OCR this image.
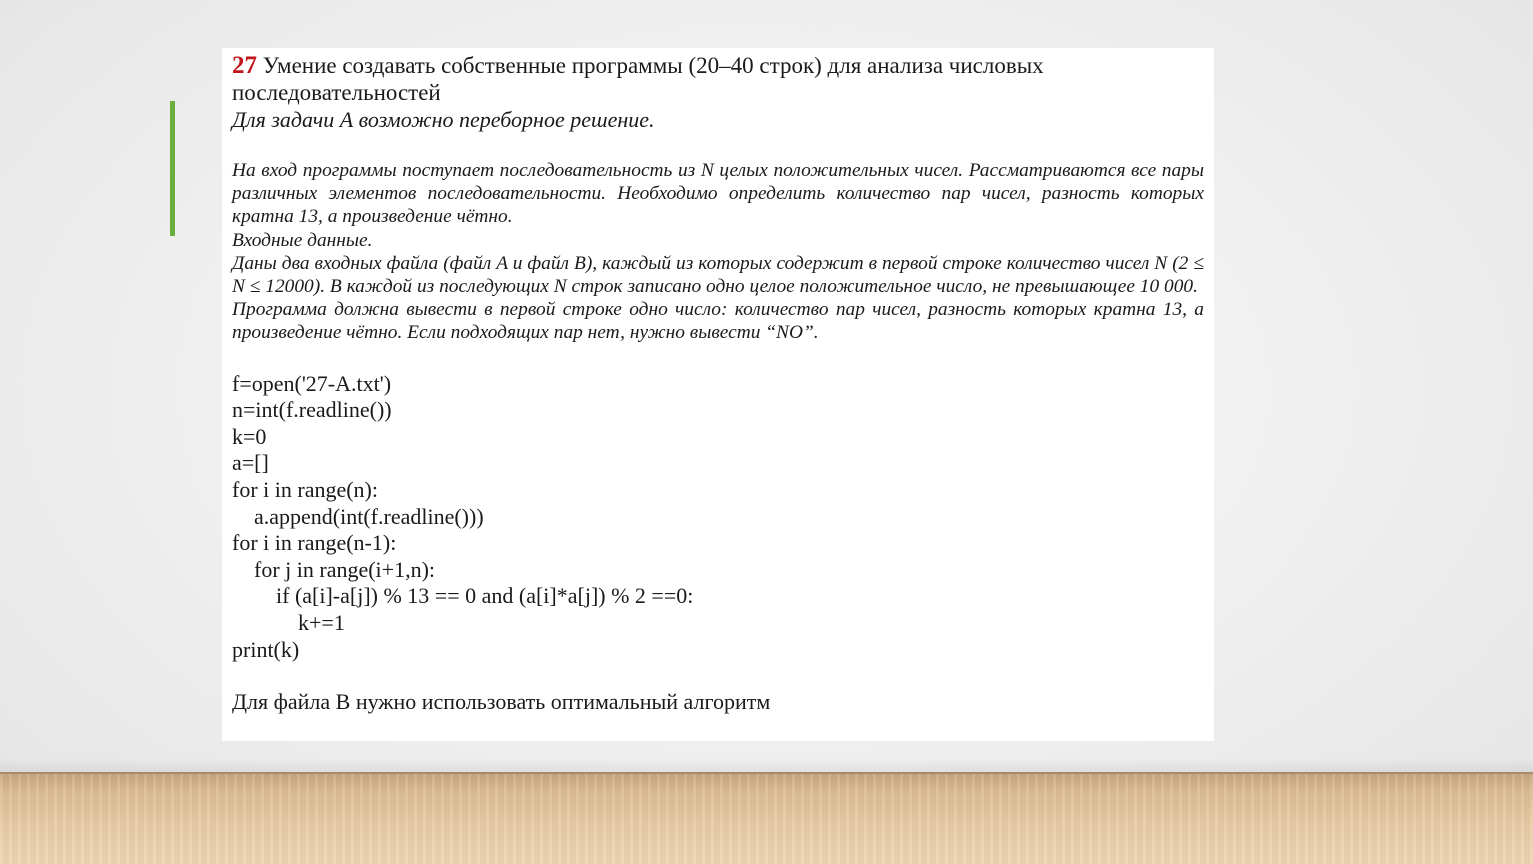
27 Умение создавать собственные программы (20–40 строк) для анализа числовых последовательностей

Для задачи А возможно переборное решение.

На вход программы поступает последовательность из N целых положительных чисел. Рассматриваются все пары различных элементов последовательности. Необходимо определить количество пар чисел, разность которых кратна 13, а произведение чётно.

Входные данные.

Даны два входных файла (файл A и файл B), каждый из которых содержит в первой строке количество чисел N (2 ≤ N ≤ 12000). В каждой из последующих N строк записано одно целое положительное число, не превышающее 10 000.

Программа должна вывести в первой строке одно число: количество пар чисел, разность которых кратна 13, а произведение чётно. Если подходящих пар нет, нужно вывести “NO”.

f=open('27-A.txt')
n=int(f.readline())
k=0
a=[]
for i in range(n):
a.append(int(f.readline()))
for i in range(n-1):
for j in range(i+1,n):
if (a[i]-a[j]) % 13 == 0 and (a[i]*a[j]) % 2 ==0:
k+=1
print(k)
Для файла В нужно использовать оптимальный алгоритм
